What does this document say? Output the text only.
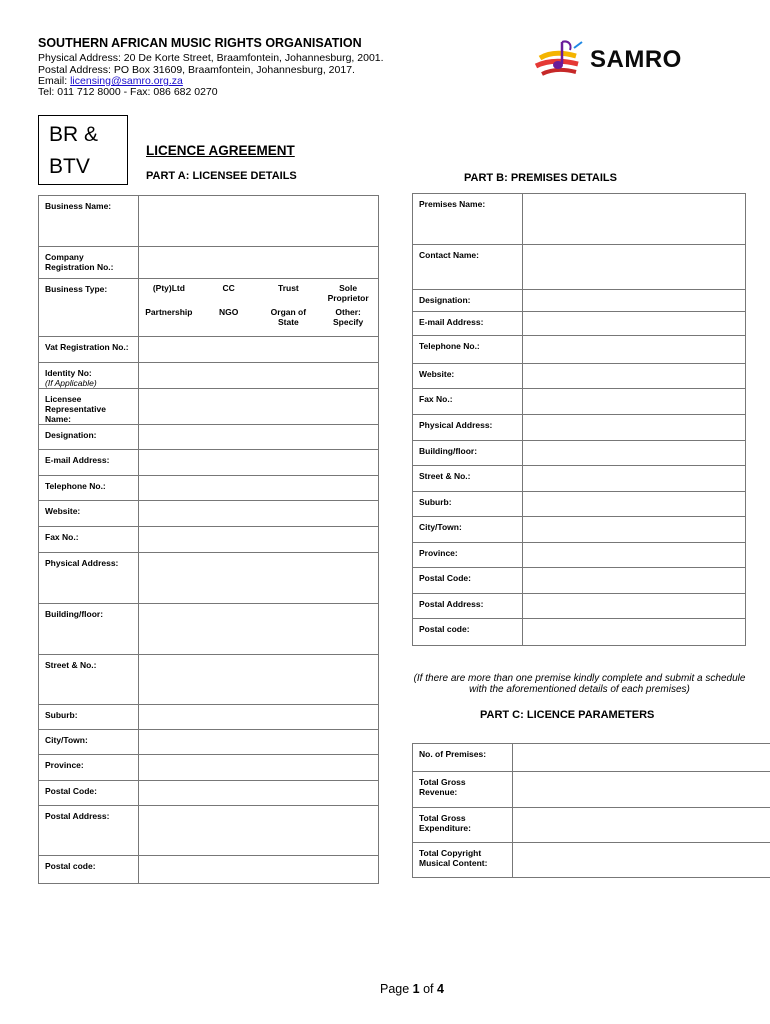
SOUTHERN AFRICAN MUSIC RIGHTS ORGANISATION
Physical Address: 20 De Korte Street, Braamfontein, Johannesburg, 2001.
Postal Address: PO Box 31609, Braamfontein, Johannesburg, 2017.
Email: licensing@samro.org.za
Tel: 011 712 8000 - Fax: 086 682 0270
SAMRO
BR &
BTV
LICENCE AGREEMENT
PART A: LICENSEE DETAILS	PART B: PREMISES DETAILS
Business Name:	
Company Registration No.:	
Business Type:		(Pty)Ltd	CC	Trust	Sole Proprietor
Partnership	NGO	Organ of State	Other: Specify

Vat Registration No.:	
Identity No:
(If Applicable)	
Licensee Representative Name:	
Designation:	
E-mail Address:	
Telephone No.:	
Website:	
Fax No.:	
Physical Address:	
Building/floor:	
Street & No.:	
Suburb:	
City/Town:	
Province:	
Postal Code:	
Postal Address:	
Postal code:	
Premises Name:	
Contact Name:	
Designation:	
E-mail Address:	
Telephone No.:	
Website:	
Fax No.:	
Physical Address:	
Building/floor:	
Street & No.:	
Suburb:	
City/Town:	
Province:	
Postal Code:	
Postal Address:	
Postal code:	
(If there are more than one premise kindly complete and submit a schedule with the aforementioned details of each premises)
PART C: LICENCE PARAMETERS
No. of Premises:	
Total Gross Revenue:	
Total Gross Expenditure:	
Total Copyright Musical Content:	
Page 1 of 4
